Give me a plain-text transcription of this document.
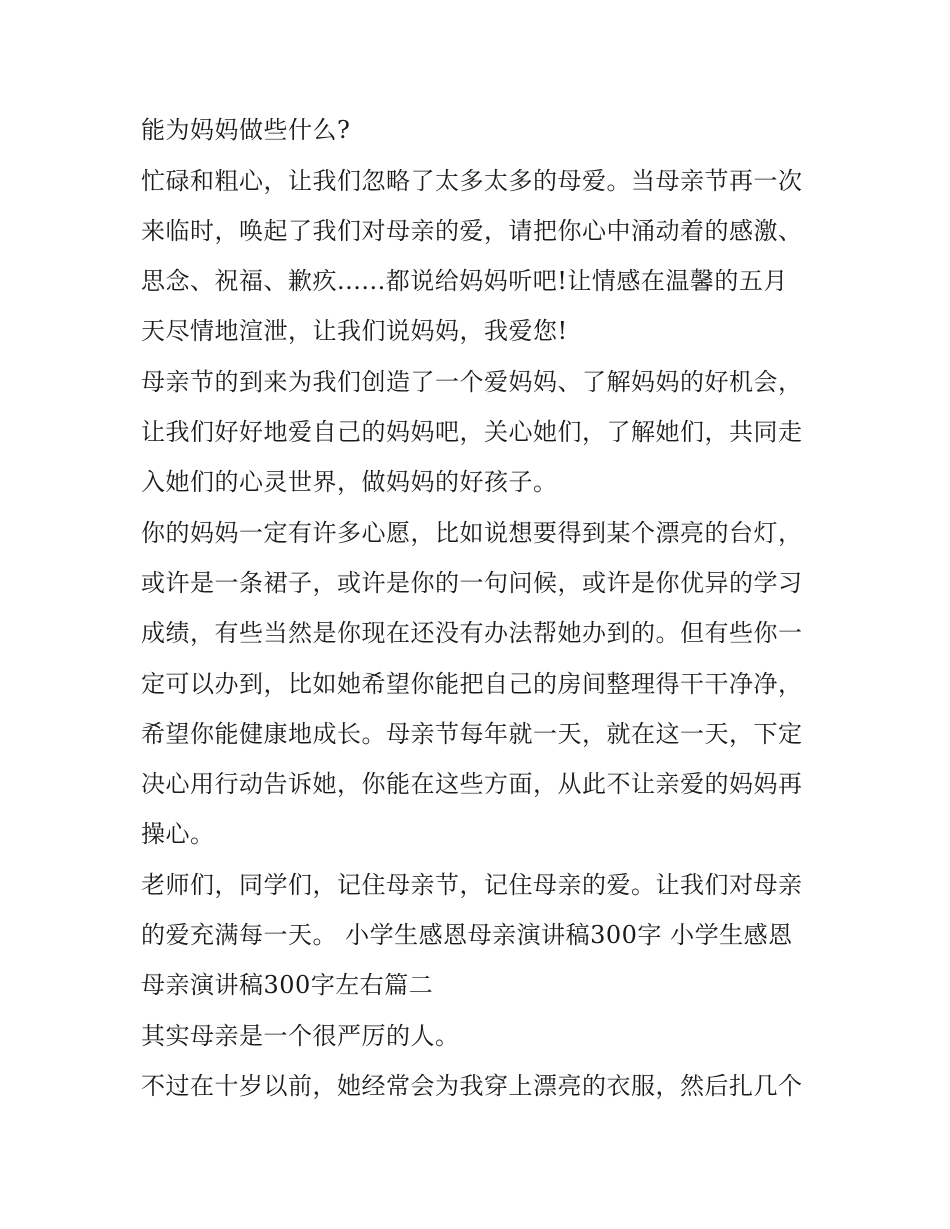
能为妈妈做些什么?
忙碌和粗心，让我们忽略了太多太多的母爱。当母亲节再一次
来临时，唤起了我们对母亲的爱，请把你心中涌动着的感激、
思念、祝福、歉疚......都说给妈妈听吧!让情感在温馨的五月
天尽情地渲泄，让我们说妈妈，我爱您!
母亲节的到来为我们创造了一个爱妈妈、了解妈妈的好机会，
让我们好好地爱自己的妈妈吧，关心她们，了解她们，共同走
入她们的心灵世界，做妈妈的好孩子。
你的妈妈一定有许多心愿，比如说想要得到某个漂亮的台灯，
或许是一条裙子，或许是你的一句问候，或许是你优异的学习
成绩，有些当然是你现在还没有办法帮她办到的。但有些你一
定可以办到，比如她希望你能把自己的房间整理得干干净净，
希望你能健康地成长。母亲节每年就一天，就在这一天，下定
决心用行动告诉她，你能在这些方面，从此不让亲爱的妈妈再
操心。
老师们，同学们，记住母亲节，记住母亲的爱。让我们对母亲
的爱充满每一天。 小学生感恩母亲演讲稿300字 小学生感恩
母亲演讲稿300字左右篇二
其实母亲是一个很严厉的人。
不过在十岁以前，她经常会为我穿上漂亮的衣服，然后扎几个
